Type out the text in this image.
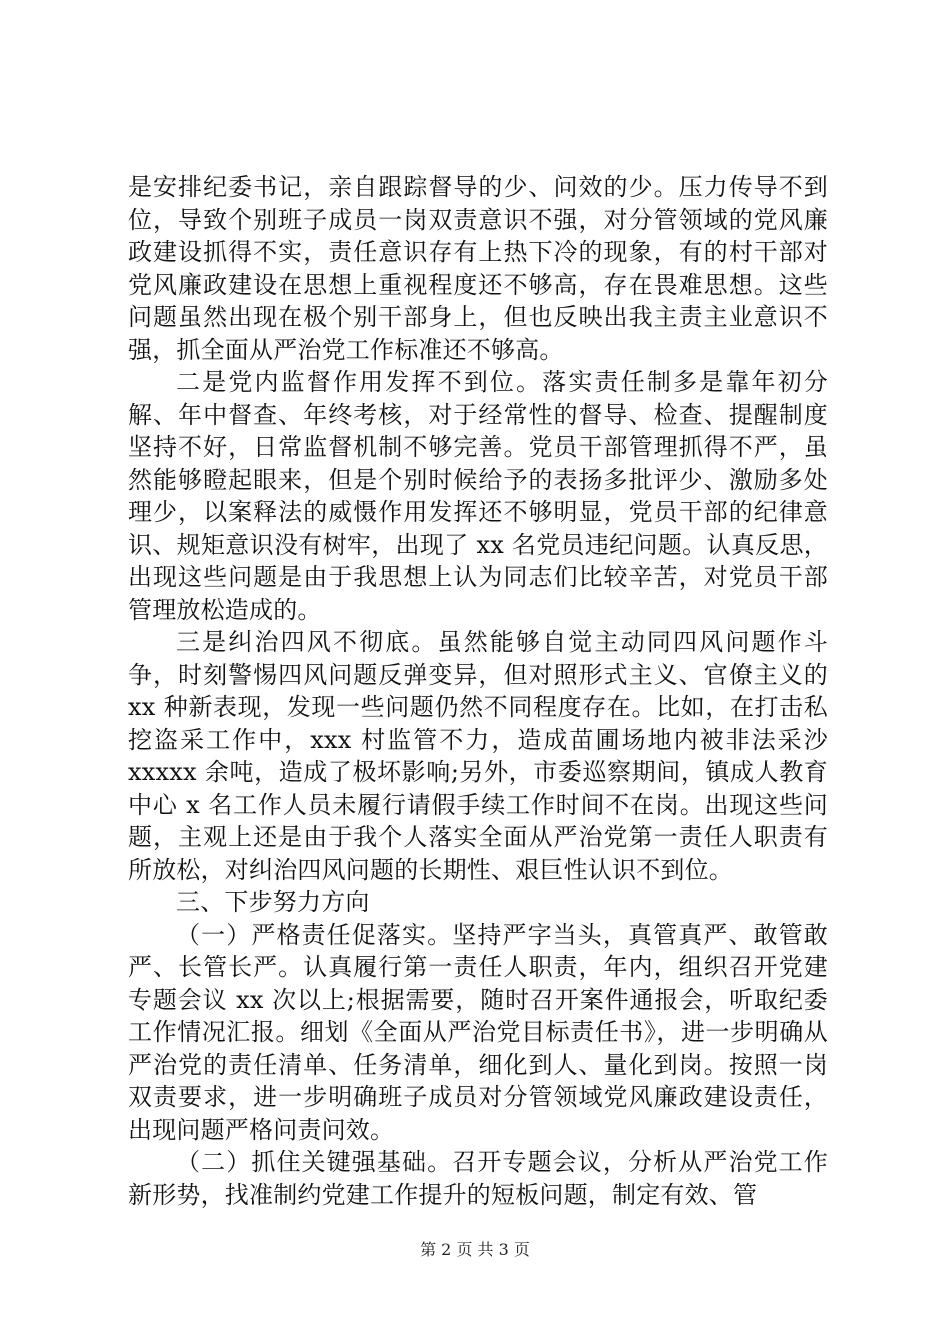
是安排纪委书记，亲自跟踪督导的少、问效的少。压力传导不到位，导致个别班子成员一岗双责意识不强，对分管领域的党风廉政建设抓得不实，责任意识存有上热下冷的现象，有的村干部对党风廉政建设在思想上重视程度还不够高，存在畏难思想。这些问题虽然出现在极个别干部身上，但也反映出我主责主业意识不强，抓全面从严治党工作标准还不够高。

二是党内监督作用发挥不到位。落实责任制多是靠年初分解、年中督查、年终考核，对于经常性的督导、检查、提醒制度坚持不好，日常监督机制不够完善。党员干部管理抓得不严，虽然能够瞪起眼来，但是个别时候给予的表扬多批评少、激励多处理少，以案释法的威慑作用发挥还不够明显，党员干部的纪律意识、规矩意识没有树牢，出现了 xx 名党员违纪问题。认真反思，出现这些问题是由于我思想上认为同志们比较辛苦，对党员干部管理放松造成的。

三是纠治四风不彻底。虽然能够自觉主动同四风问题作斗争，时刻警惕四风问题反弹变异，但对照形式主义、官僚主义的 xx 种新表现，发现一些问题仍然不同程度存在。比如，在打击私挖盗采工作中，xxx 村监管不力，造成苗圃场地内被非法采沙 xxxxx 余吨，造成了极坏影响;另外，市委巡察期间，镇成人教育中心 x 名工作人员未履行请假手续工作时间不在岗。出现这些问题，主观上还是由于我个人落实全面从严治党第一责任人职责有所放松，对纠治四风问题的长期性、艰巨性认识不到位。

三、下步努力方向

（一）严格责任促落实。坚持严字当头，真管真严、敢管敢严、长管长严。认真履行第一责任人职责，年内，组织召开党建专题会议 xx 次以上;根据需要，随时召开案件通报会，听取纪委工作情况汇报。细划《全面从严治党目标责任书》，进一步明确从严治党的责任清单、任务清单，细化到人、量化到岗。按照一岗双责要求，进一步明确班子成员对分管领域党风廉政建设责任，出现问题严格问责问效。

（二）抓住关键强基础。召开专题会议，分析从严治党工作新形势，找准制约党建工作提升的短板问题，制定有效、管

第 2 页 共 3 页
